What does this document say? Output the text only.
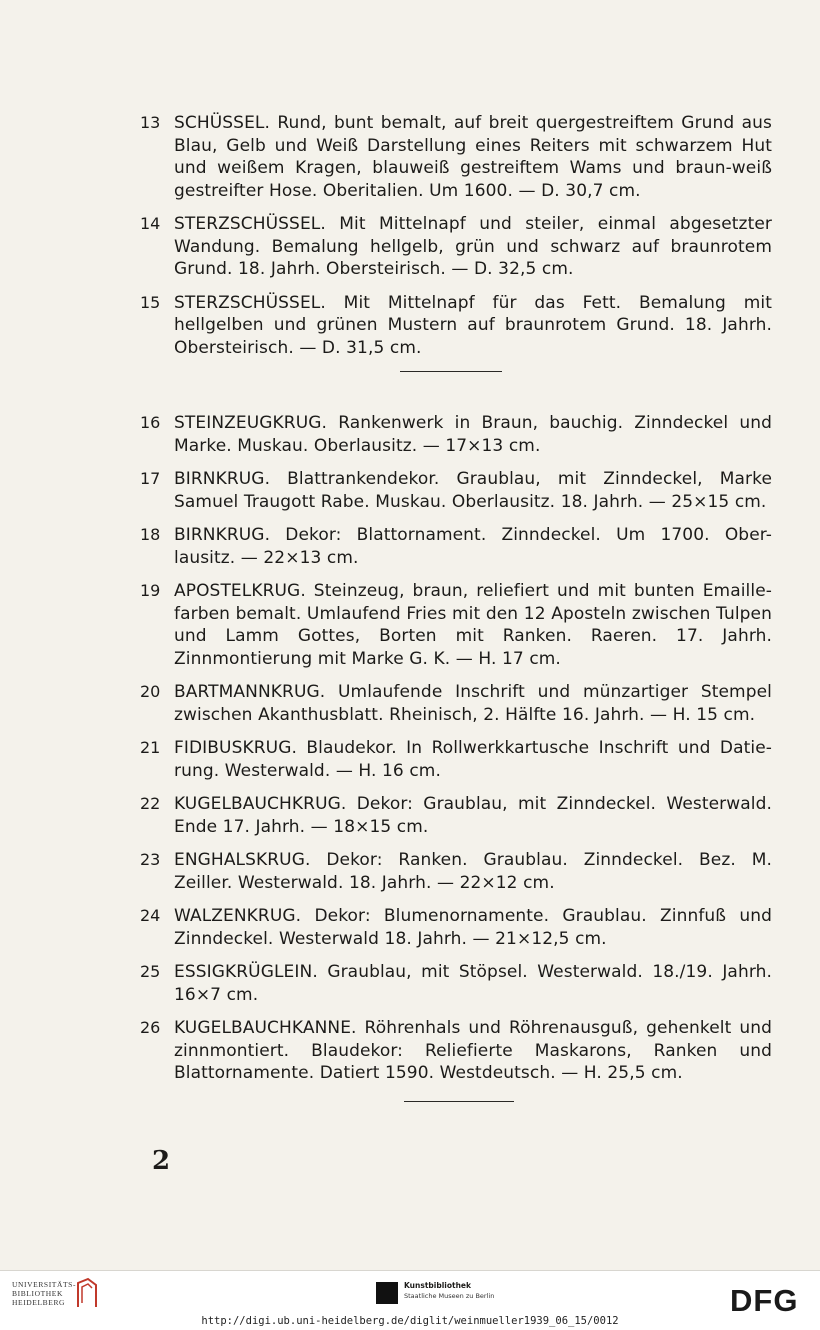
13 SCHÜSSEL. Rund, bunt bemalt, auf breit quergestreiftem Grund aus Blau, Gelb und Weiß Darstellung eines Reiters mit schwarzem Hut und weißem Kragen, blauweiß gestreiftem Wams und braun-weiß gestreifter Hose. Oberitalien. Um 1600. — D. 30,7 cm.
14 STERZSCHÜSSEL. Mit Mittelnapf und steiler, einmal abgesetzter Wandung. Bemalung hellgelb, grün und schwarz auf braunrotem Grund. 18. Jahrh. Obersteirisch. — D. 32,5 cm.
15 STERZSCHÜSSEL. Mit Mittelnapf für das Fett. Bemalung mit hellgelben und grünen Mustern auf braunrotem Grund. 18. Jahrh. Obersteirisch. — D. 31,5 cm.
16 STEINZEUGKRUG. Rankenwerk in Braun, bauchig. Zinndeckel und Marke. Muskau. Oberlausitz. — 17×13 cm.
17 BIRNKRUG. Blattrankendekor. Graublau, mit Zinndeckel, Marke Samuel Traugott Rabe. Muskau. Oberlausitz. 18. Jahrh. — 25×15 cm.
18 BIRNKRUG. Dekor: Blattornament. Zinndeckel. Um 1700. Ober-lausitz. — 22×13 cm.
19 APOSTELKRUG. Steinzeug, braun, reliefiert und mit bunten Emaille-farben bemalt. Umlaufend Fries mit den 12 Aposteln zwischen Tulpen und Lamm Gottes, Borten mit Ranken. Raeren. 17. Jahrh. Zinnmontierung mit Marke G. K. — H. 17 cm.
20 BARTMANNKRUG. Umlaufende Inschrift und münzartiger Stempel zwischen Akanthusblatt. Rheinisch, 2. Hälfte 16. Jahrh. — H. 15 cm.
21 FIDIBUSKRUG. Blaudekor. In Rollwerkkartusche Inschrift und Datie-rung. Westerwald. — H. 16 cm.
22 KUGELBAUCHKRUG. Dekor: Graublau, mit Zinndeckel. Westerwald. Ende 17. Jahrh. — 18×15 cm.
23 ENGHALSKRUG. Dekor: Ranken. Graublau. Zinndeckel. Bez. M. Zeiller. Westerwald. 18. Jahrh. — 22×12 cm.
24 WALZENKRUG. Dekor: Blumenornamente. Graublau. Zinnfuß und Zinndeckel. Westerwald 18. Jahrh. — 21×12,5 cm.
25 ESSIGKRÜGLEIN. Graublau, mit Stöpsel. Westerwald. 18./19. Jahrh. 16×7 cm.
26 KUGELBAUCHKANNE. Röhrenhals und Röhrenausguß, gehenkelt und zinnmontiert. Blaudekor: Reliefierte Maskarons, Ranken und Blattornamente. Datiert 1590. Westdeutsch. — H. 25,5 cm.
2
UNIVERSITÄTS-
BIBLIOTHEK
HEIDELBERG
Kunstbibliothek
Staatliche Museen zu Berlin	DFG
http://digi.ub.uni-heidelberg.de/diglit/weinmueller1939_06_15/0012
